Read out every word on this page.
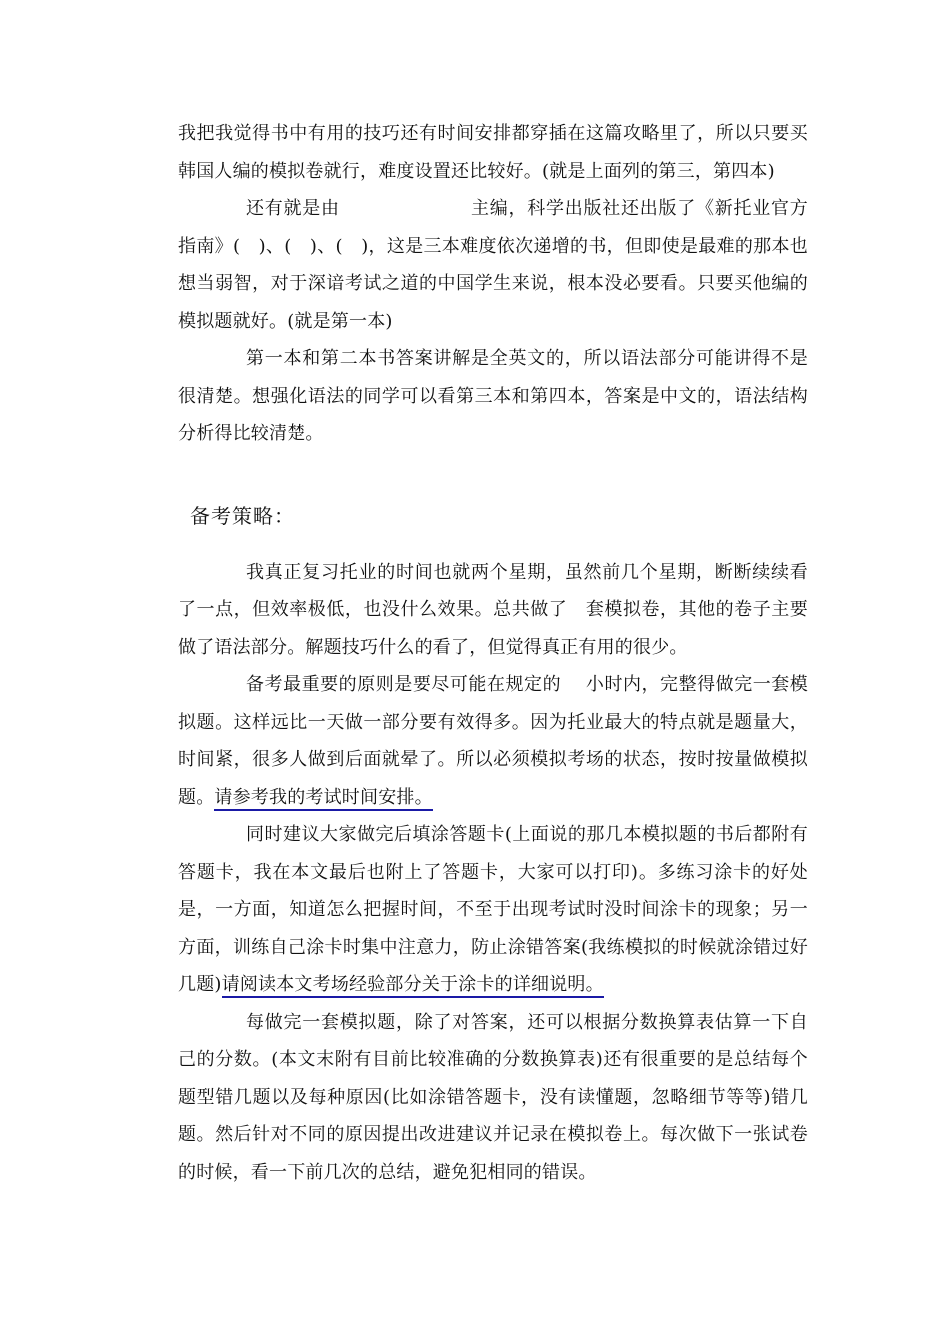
我把我觉得书中有用的技巧还有时间安排都穿插在这篇攻略里了，所以只要买韩国人编的模拟卷就行，难度设置还比较好。(就是上面列的第三，第四本)

还有就是由　　　　　　　主编，科学出版社还出版了《新托业官方指南》(　)、(　)、(　)，这是三本难度依次递增的书，但即使是最难的那本也想当弱智，对于深谙考试之道的中国学生来说，根本没必要看。只要买他编的模拟题就好。(就是第一本)

第一本和第二本书答案讲解是全英文的，所以语法部分可能讲得不是很清楚。想强化语法的同学可以看第三本和第四本，答案是中文的，语法结构分析得比较清楚。

备考策略：

我真正复习托业的时间也就两个星期，虽然前几个星期，断断续续看了一点，但效率极低，也没什么效果。总共做了　套模拟卷，其他的卷子主要做了语法部分。解题技巧什么的看了，但觉得真正有用的很少。

备考最重要的原则是要尽可能在规定的　 小时内，完整得做完一套模拟题。这样远比一天做一部分要有效得多。因为托业最大的特点就是题量大，时间紧，很多人做到后面就晕了。所以必须模拟考场的状态，按时按量做模拟题。请参考我的考试时间安排。

同时建议大家做完后填涂答题卡(上面说的那几本模拟题的书后都附有答题卡，我在本文最后也附上了答题卡，大家可以打印)。多练习涂卡的好处是，一方面，知道怎么把握时间，不至于出现考试时没时间涂卡的现象；另一方面，训练自己涂卡时集中注意力，防止涂错答案(我练模拟的时候就涂错过好几题)请阅读本文考场经验部分关于涂卡的详细说明。

每做完一套模拟题，除了对答案，还可以根据分数换算表估算一下自己的分数。(本文末附有目前比较准确的分数换算表)还有很重要的是总结每个题型错几题以及每种原因(比如涂错答题卡，没有读懂题，忽略细节等等)错几题。然后针对不同的原因提出改进建议并记录在模拟卷上。每次做下一张试卷的时候，看一下前几次的总结，避免犯相同的错误。
